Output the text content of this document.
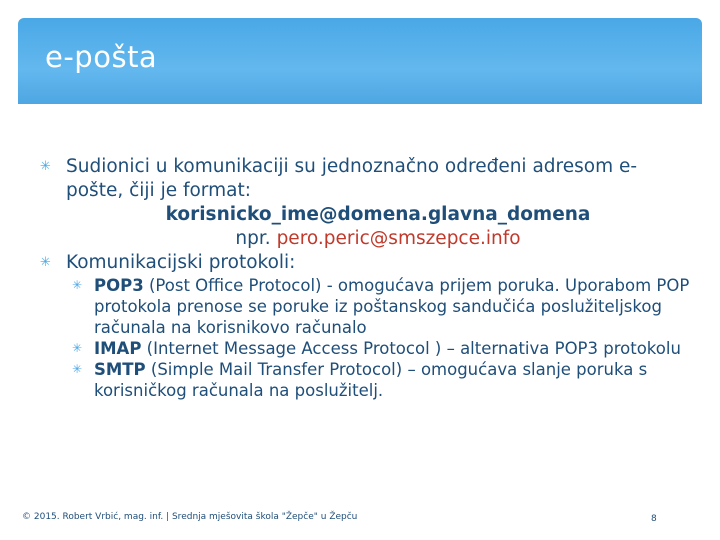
e-pošta
✳ Sudionici u komunikaciji su jednoznačno određeni adresom e-pošte, čiji je format:
korisnicko_ime@domena.glavna_domena
npr. pero.peric@smszepce.info
✳ Komunikacijski protokoli:
✳ POP3 (Post Office Protocol) - omogućava prijem poruka. Uporabom POP protokola prenose se poruke iz poštanskog sandučića poslužiteljskog računala na korisnikovo računalo
✳ IMAP (Internet Message Access Protocol ) – alternativa POP3 protokolu
✳ SMTP (Simple Mail Transfer Protocol) – omogućava slanje poruka s korisničkog računala na poslužitelj.
© 2015. Robert Vrbić, mag. inf. | Srednja mješovita škola "Žepče" u Žepču	8
